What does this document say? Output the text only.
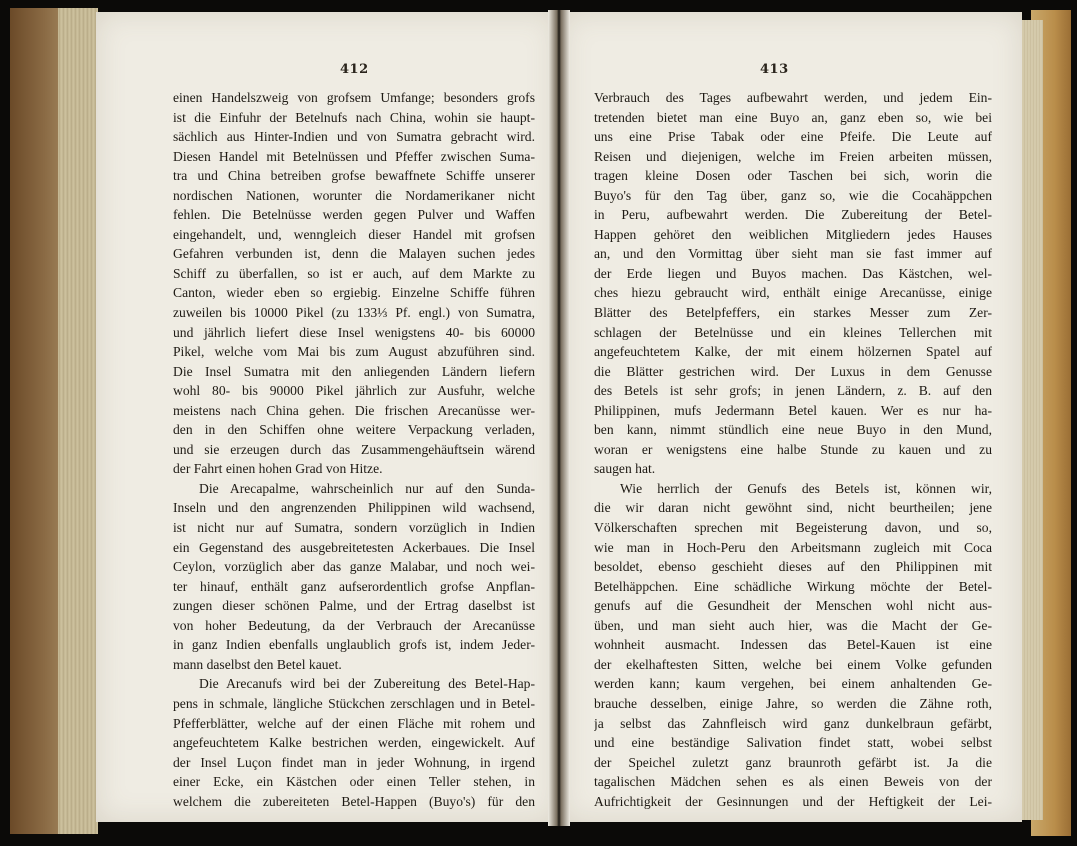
412
einen Handelszweig von grofsem Umfange; besonders grofs
ist die Einfuhr der Betelnufs nach China, wohin sie haupt-
sächlich aus Hinter-Indien und von Sumatra gebracht wird.
Diesen Handel mit Betelnüssen und Pfeffer zwischen Suma-
tra und China betreiben grofse bewaffnete Schiffe unserer
nordischen Nationen, worunter die Nordamerikaner nicht
fehlen. Die Betelnüsse werden gegen Pulver und Waffen
eingehandelt, und, wenngleich dieser Handel mit grofsen
Gefahren verbunden ist, denn die Malayen suchen jedes
Schiff zu überfallen, so ist er auch, auf dem Markte zu
Canton, wieder eben so ergiebig. Einzelne Schiffe führen
zuweilen bis 10000 Pikel (zu 133⅓ Pf. engl.) von Sumatra,
und jährlich liefert diese Insel wenigstens 40- bis 60000
Pikel, welche vom Mai bis zum August abzuführen sind.
Die Insel Sumatra mit den anliegenden Ländern liefern
wohl 80- bis 90000 Pikel jährlich zur Ausfuhr, welche
meistens nach China gehen. Die frischen Arecanüsse wer-
den in den Schiffen ohne weitere Verpackung verladen,
und sie erzeugen durch das Zusammengehäuftsein wärend
der Fahrt einen hohen Grad von Hitze.
Die Arecapalme, wahrscheinlich nur auf den Sunda-
Inseln und den angrenzenden Philippinen wild wachsend,
ist nicht nur auf Sumatra, sondern vorzüglich in Indien
ein Gegenstand des ausgebreitetesten Ackerbaues. Die Insel
Ceylon, vorzüglich aber das ganze Malabar, und noch wei-
ter hinauf, enthält ganz aufserordentlich grofse Anpflan-
zungen dieser schönen Palme, und der Ertrag daselbst ist
von hoher Bedeutung, da der Verbrauch der Arecanüsse
in ganz Indien ebenfalls unglaublich grofs ist, indem Jeder-
mann daselbst den Betel kauet.
Die Arecanufs wird bei der Zubereitung des Betel-Hap-
pens in schmale, längliche Stückchen zerschlagen und in Betel-
Pfefferblätter, welche auf der einen Fläche mit rohem und
angefeuchtetem Kalke bestrichen werden, eingewickelt. Auf
der Insel Luçon findet man in jeder Wohnung, in irgend
einer Ecke, ein Kästchen oder einen Teller stehen, in
welchem die zubereiteten Betel-Happen (Buyo's) für den
413
Verbrauch des Tages aufbewahrt werden, und jedem Ein-
tretenden bietet man eine Buyo an, ganz eben so, wie bei
uns eine Prise Tabak oder eine Pfeife. Die Leute auf
Reisen und diejenigen, welche im Freien arbeiten müssen,
tragen kleine Dosen oder Taschen bei sich, worin die
Buyo's für den Tag über, ganz so, wie die Cocahäppchen
in Peru, aufbewahrt werden. Die Zubereitung der Betel-
Happen gehöret den weiblichen Mitgliedern jedes Hauses
an, und den Vormittag über sieht man sie fast immer auf
der Erde liegen und Buyos machen. Das Kästchen, wel-
ches hiezu gebraucht wird, enthält einige Arecanüsse, einige
Blätter des Betelpfeffers, ein starkes Messer zum Zer-
schlagen der Betelnüsse und ein kleines Tellerchen mit
angefeuchtetem Kalke, der mit einem hölzernen Spatel auf
die Blätter gestrichen wird. Der Luxus in dem Genusse
des Betels ist sehr grofs; in jenen Ländern, z. B. auf den
Philippinen, mufs Jedermann Betel kauen. Wer es nur ha-
ben kann, nimmt stündlich eine neue Buyo in den Mund,
woran er wenigstens eine halbe Stunde zu kauen und zu
saugen hat.
Wie herrlich der Genufs des Betels ist, können wir,
die wir daran nicht gewöhnt sind, nicht beurtheilen; jene
Völkerschaften sprechen mit Begeisterung davon, und so,
wie man in Hoch-Peru den Arbeitsmann zugleich mit Coca
besoldet, ebenso geschieht dieses auf den Philippinen mit
Betelhäppchen. Eine schädliche Wirkung möchte der Betel-
genufs auf die Gesundheit der Menschen wohl nicht aus-
üben, und man sieht auch hier, was die Macht der Ge-
wohnheit ausmacht. Indessen das Betel-Kauen ist eine
der ekelhaftesten Sitten, welche bei einem Volke gefunden
werden kann; kaum vergehen, bei einem anhaltenden Ge-
brauche desselben, einige Jahre, so werden die Zähne roth,
ja selbst das Zahnfleisch wird ganz dunkelbraun gefärbt,
und eine beständige Salivation findet statt, wobei selbst
der Speichel zuletzt ganz braunroth gefärbt ist. Ja die
tagalischen Mädchen sehen es als einen Beweis von der
Aufrichtigkeit der Gesinnungen und der Heftigkeit der Lei-
